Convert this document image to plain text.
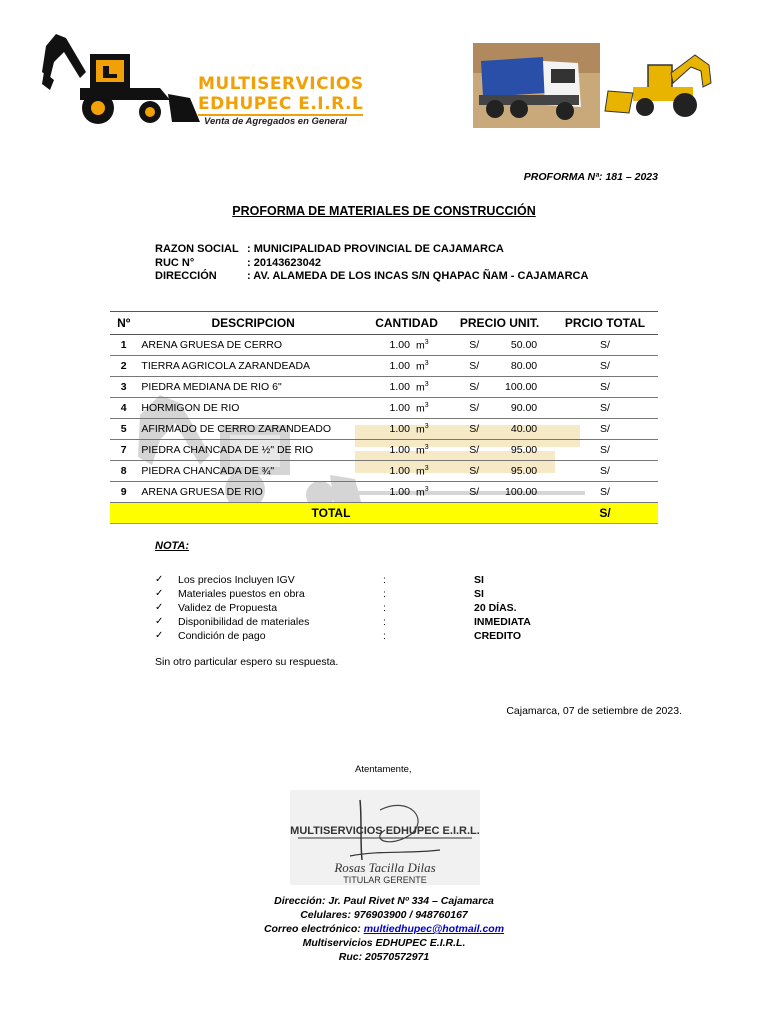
MULTISERVICIOS
EDHUPEC E.I.R.L
Venta de Agregados en General
PROFORMA Nª: 181 – 2023
PROFORMA DE MATERIALES DE CONSTRUCCIÓN
RAZON SOCIAL : MUNICIPALIDAD PROVINCIAL DE CAJAMARCA
RUC N°	: 20143623042
DIRECCIÓN	: AV. ALAMEDA DE LOS INCAS S/N QHAPAC ÑAM - CAJAMARCA
Nº	DESCRIPCION	CANTIDAD	PRECIO UNIT.	PRCIO TOTAL
1	ARENA GRUESA DE CERRO	1.00 $m^3$	S/ 50.00	S/
2	TIERRA AGRICOLA ZARANDEADA	1.00 $m^3$	S/ 80.00	S/
3	PIEDRA MEDIANA DE RIO 6"	1.00 $m^3$	S/ 100.00	S/
4	HORMIGON DE RIO	1.00 $m^3$	S/ 90.00	S/
5	AFIRMADO DE CERRO ZARANDEADO	1.00 $m^3$	S/ 40.00	S/
7	PIEDRA CHANCADA DE ½" DE RIO	1.00 $m^3$	S/ 95.00	S/
8	PIEDRA CHANCADA DE ¾"	1.00 $m^3$	S/ 95.00	S/
9	ARENA GRUESA DE RIO	1.00 $m^3$	S/ 100.00	S/
TOTAL				S/
NOTA:
✓ Los precios Incluyen IGV	:	SI
✓ Materiales puestos en obra	:	SI
✓ Validez de Propuesta	:	20 DÍAS.
✓ Disponibilidad de materiales	:	INMEDIATA
✓ Condición de pago	:	CREDITO
Sin otro particular espero su respuesta.
Cajamarca, 07 de setiembre de 2023.
Atentamente,
MULTISERVICIOS EDHUPEC E.I.R.L.
Rosas Tacilla Dilas
TITULAR GERENTE
Dirección: Jr. Paul Rivet Nº 334 – Cajamarca
Celulares: 976903900 / 948760167
Correo electrónico: multiedhupec@hotmail.com
Multiservicios EDHUPEC E.I.R.L.
Ruc: 20570572971
